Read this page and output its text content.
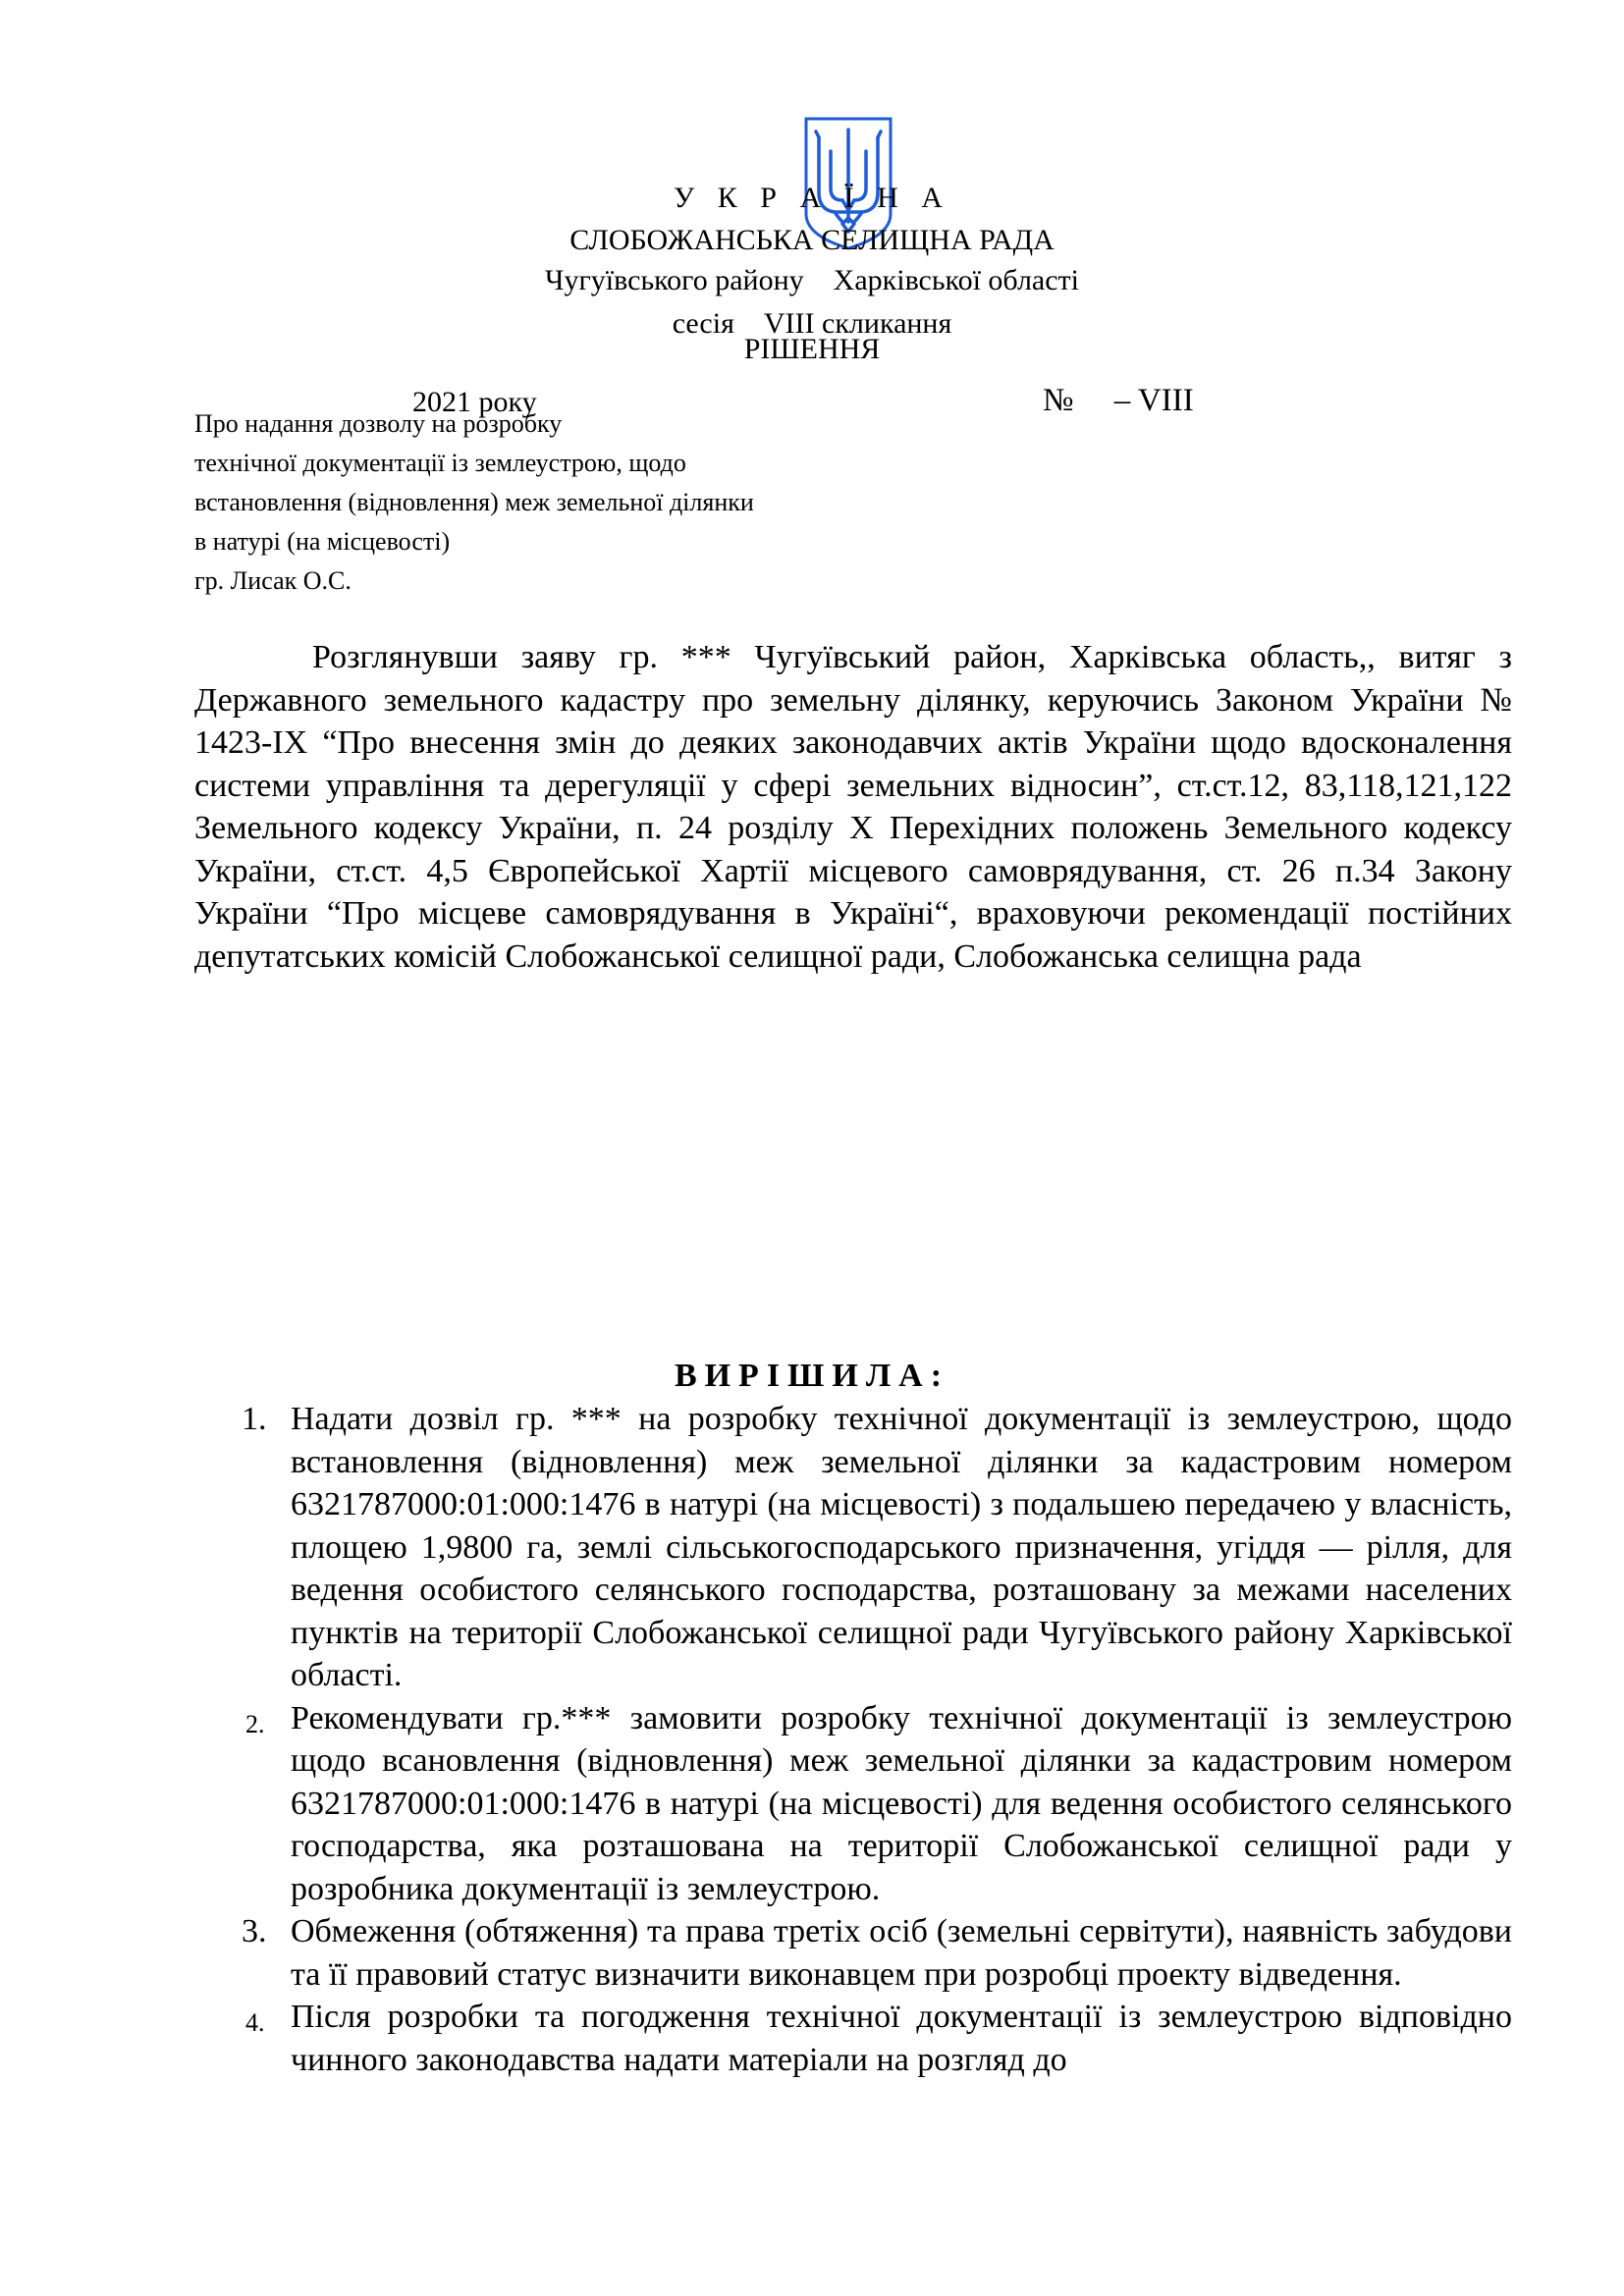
У К Р А Ї Н А
СЛОБОЖАНСЬКА СЕЛИЩНА РАДА
Чугуївського району Харківської області
сесія VIII скликання
РІШЕННЯ
2021 року	№ – VIII
Про надання дозволу на розробку
технічної документації із землеустрою, щодо
встановлення (відновлення) меж земельної ділянки
в натурі (на місцевості)
гр. Лисак О.С.

Розглянувши заяву гр. *** Чугуївський район, Харківська область,, витяг з Державного земельного кадастру про земельну ділянку, керуючись Законом України № 1423-IX “Про внесення змін до деяких законодавчих актів України щодо вдосконалення системи управління та дерегуляції у сфері земельних відносин”, ст.ст.12, 83,118,121,122 Земельного кодексу України, п. 24 розділу X Перехідних положень Земельного кодексу України, ст.ст. 4,5 Європейської Хартії місцевого самоврядування, ст. 26 п.34 Закону України “Про місцеве самоврядування в Україні“, враховуючи рекомендації постійних депутатських комісій Слобожанської селищної ради, Слобожанська селищна рада

ВИРІШИЛА:
1. Надати дозвіл гр. *** на розробку технічної документації із землеустрою, щодо встановлення (відновлення) меж земельної ділянки за кадастровим номером 6321787000:01:000:1476 в натурі (на місцевості) з подальшею передачею у власність, площею 1,9800 га, землі сільськогосподарського призначення, угіддя — рілля, для ведення особистого селянського господарства, розташовану за межами населених пунктів на території Слобожанської селищної ради Чугуївського району Харківської області.
2. Рекомендувати гр.*** замовити розробку технічної документації із землеустрою щодо всановлення (відновлення) меж земельної ділянки за кадастровим номером 6321787000:01:000:1476 в натурі (на місцевості) для ведення особистого селянського господарства, яка розташована на території Слобожанської селищної ради у розробника документації із землеустрою.
3. Обмеження (обтяження) та права третіх осіб (земельні сервітути), наявність забудови та її правовий статус визначити виконавцем при розробці проекту відведення.
4. Після розробки та погодження технічної документації із землеустрою відповідно чинного законодавства надати матеріали на розгляд до
